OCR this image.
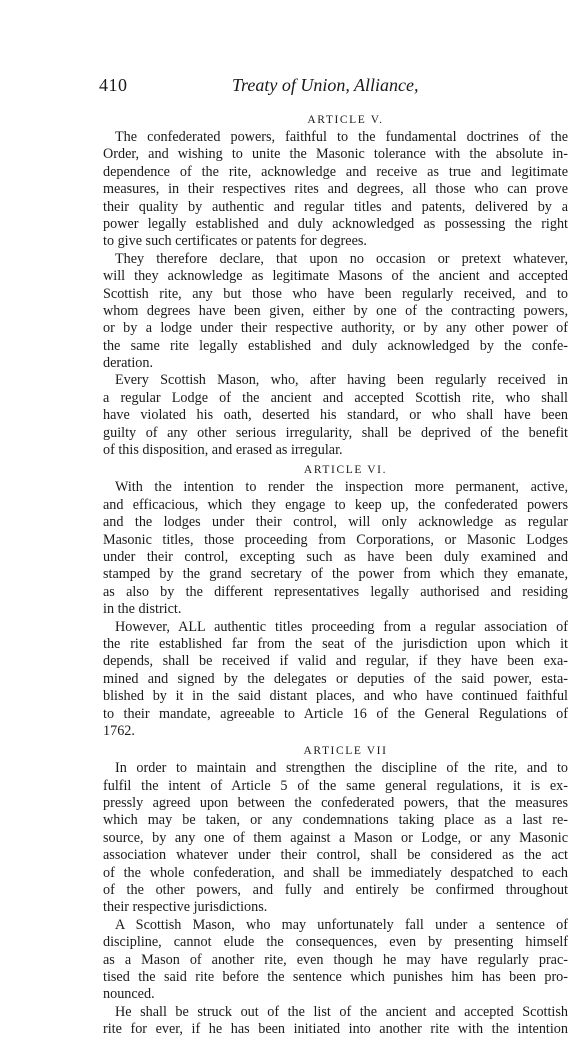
410	Treaty of Union, Alliance,
ARTICLE V.
The confederated powers, faithful to the fundamental doctrines of the
Order, and wishing to unite the Masonic tolerance with the absolute in-
dependence of the rite, acknowledge and receive as true and legitimate
measures, in their respectives rites and degrees, all those who can prove
their quality by authentic and regular titles and patents, delivered by a
power legally established and duly acknowledged as possessing the right
to give such certificates or patents for degrees.
They therefore declare, that upon no occasion or pretext whatever,
will they acknowledge as legitimate Masons of the ancient and accepted
Scottish rite, any but those who have been regularly received, and to
whom degrees have been given, either by one of the contracting powers,
or by a lodge under their respective authority, or by any other power of
the same rite legally established and duly acknowledged by the confe-
deration.
Every Scottish Mason, who, after having been regularly received in
a regular Lodge of the ancient and accepted Scottish rite, who shall
have violated his oath, deserted his standard, or who shall have been
guilty of any other serious irregularity, shall be deprived of the benefit
of this disposition, and erased as irregular.
ARTICLE VI.
With the intention to render the inspection more permanent, active,
and efficacious, which they engage to keep up, the confederated powers
and the lodges under their control, will only acknowledge as regular
Masonic titles, those proceeding from Corporations, or Masonic Lodges
under their control, excepting such as have been duly examined and
stamped by the grand secretary of the power from which they emanate,
as also by the different representatives legally authorised and residing
in the district.
However, ALL authentic titles proceeding from a regular association of
the rite established far from the seat of the jurisdiction upon which it
depends, shall be received if valid and regular, if they have been exa-
mined and signed by the delegates or deputies of the said power, esta-
blished by it in the said distant places, and who have continued faithful
to their mandate, agreeable to Article 16 of the General Regulations of
1762.
ARTICLE VII
In order to maintain and strengthen the discipline of the rite, and to
fulfil the intent of Article 5 of the same general regulations, it is ex-
pressly agreed upon between the confederated powers, that the measures
which may be taken, or any condemnations taking place as a last re-
source, by any one of them against a Mason or Lodge, or any Masonic
association whatever under their control, shall be considered as the act
of the whole confederation, and shall be immediately despatched to each
of the other powers, and fully and entirely be confirmed throughout
their respective jurisdictions.
A Scottish Mason, who may unfortunately fall under a sentence of
discipline, cannot elude the consequences, even by presenting himself
as a Mason of another rite, even though he may have regularly prac-
tised the said rite before the sentence which punishes him has been pro-
nounced.
He shall be struck out of the list of the ancient and accepted Scottish
rite for ever, if he has been initiated into another rite with the intention
